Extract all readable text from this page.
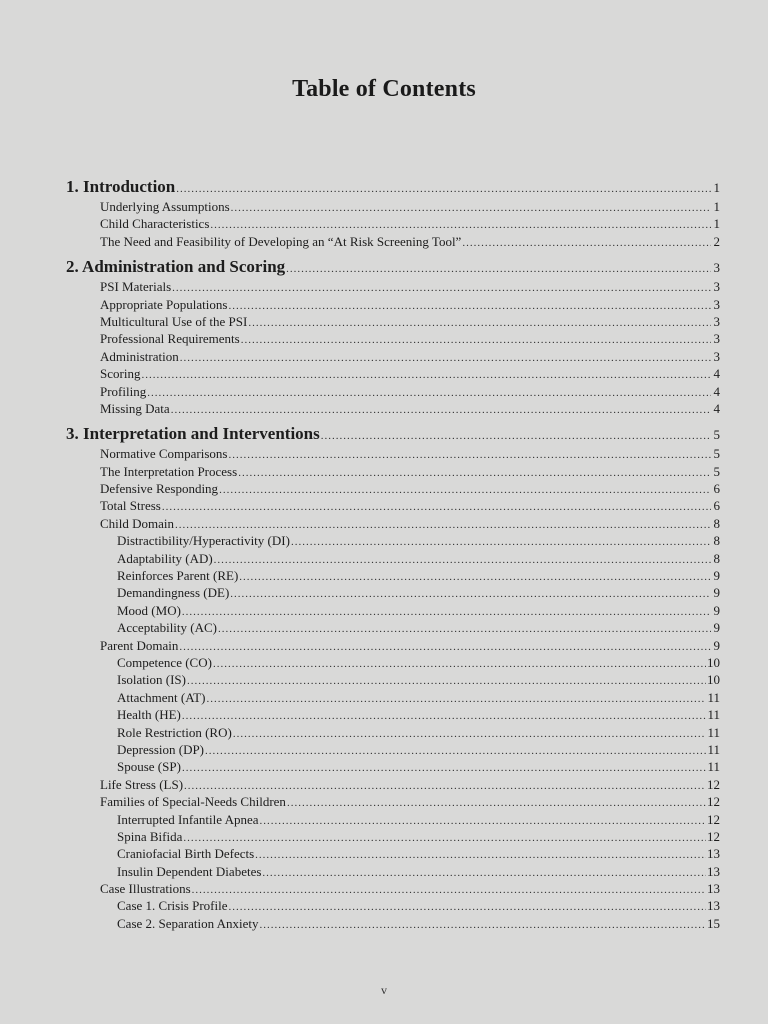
Table of Contents
1. Introduction .....	1
Underlying Assumptions .....	1
Child Characteristics .....	1
The Need and Feasibility of Developing an “At Risk Screening Tool” .....	2
2. Administration and Scoring .....	3
PSI Materials .....	3
Appropriate Populations .....	3
Multicultural Use of the PSI .....	3
Professional Requirements .....	3
Administration .....	3
Scoring .....	4
Profiling .....	4
Missing Data .....	4
3. Interpretation and Interventions .....	5
Normative Comparisons .....	5
The Interpretation Process .....	5
Defensive Responding .....	6
Total Stress .....	6
Child Domain .....	8
Distractibility/Hyperactivity (DI) .....	8
Adaptability (AD) .....	8
Reinforces Parent (RE) .....	9
Demandingness (DE) .....	9
Mood (MO) .....	9
Acceptability (AC) .....	9
Parent Domain .....	9
Competence (CO) .....	10
Isolation (IS) .....	10
Attachment (AT) .....	11
Health (HE) .....	11
Role Restriction (RO) .....	11
Depression (DP) .....	11
Spouse (SP) .....	11
Life Stress (LS) .....	12
Families of Special-Needs Children .....	12
Interrupted Infantile Apnea .....	12
Spina Bifida .....	12
Craniofacial Birth Defects .....	13
Insulin Dependent Diabetes .....	13
Case Illustrations .....	13
Case 1. Crisis Profile .....	13
Case 2. Separation Anxiety .....	15
v
